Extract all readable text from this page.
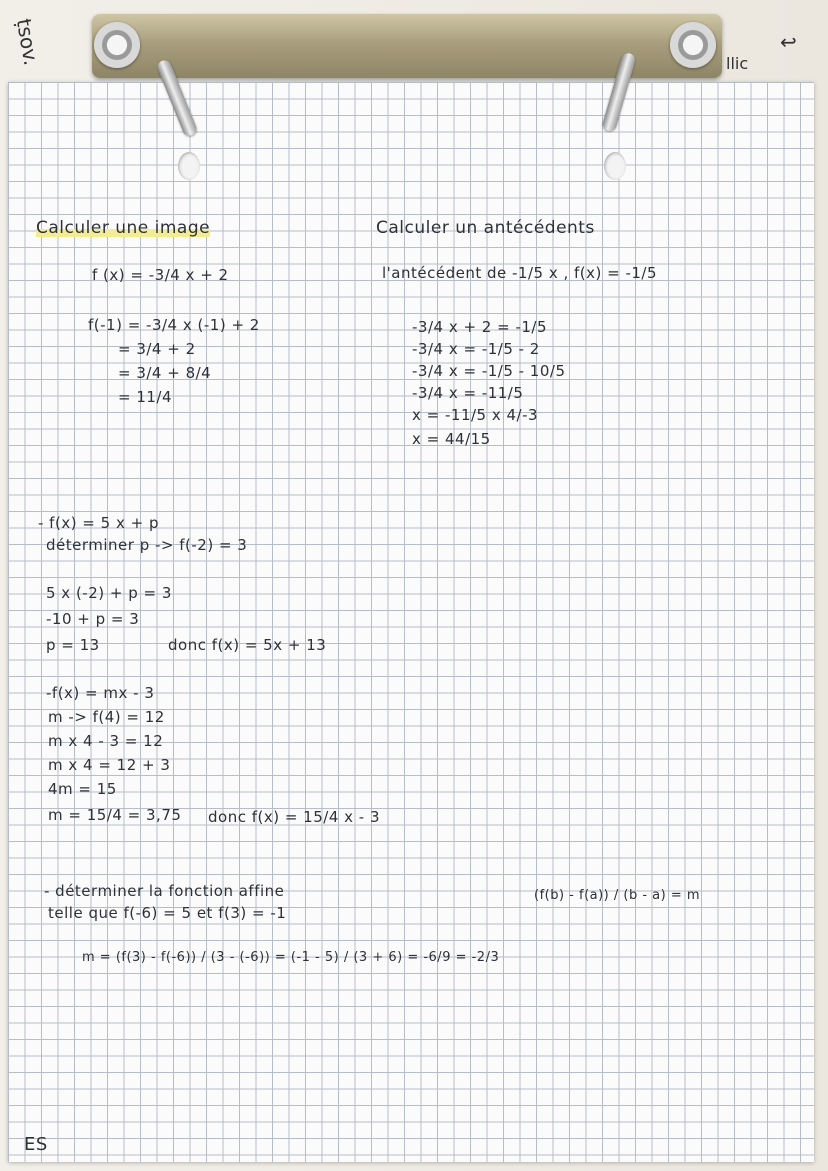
ṭsov.	llic
↩
Calculer une image
f (x) = -3/4 x + 2
f(-1) = -3/4 x (-1) + 2
= 3/4 + 2
= 3/4 + 8/4
= 11/4
Calculer un antécédents
l'antécédent de -1/5 x , f(x) = -1/5
-3/4 x + 2 = -1/5
-3/4 x = -1/5 - 2
-3/4 x = -1/5 - 10/5
-3/4 x = -11/5
x = -11/5 x 4/-3
x = 44/15
- f(x) = 5 x + p
déterminer p -> f(-2) = 3
5 x (-2) + p = 3
-10 + p = 3
p = 13	donc f(x) = 5x + 13
-f(x) = mx - 3
m -> f(4) = 12
m x 4 - 3 = 12
m x 4 = 12 + 3
4m = 15
m = 15/4 = 3,75 donc f(x) = 15/4 x - 3
- déterminer la fonction affine
telle que f(-6) = 5 et f(3) = -1
m = (f(3) - f(-6)) / (3 - (-6)) = (-1 - 5) / (3 + 6) = -6/9 = -2/3
(f(b) - f(a)) / (b - a) = m
ES
